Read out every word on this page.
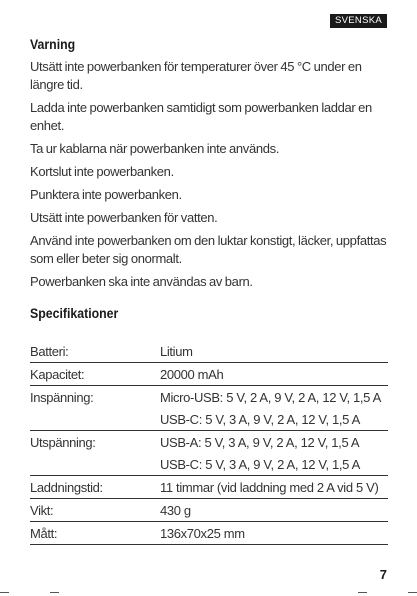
SVENSKA
Varning

Utsätt inte powerbanken för temperaturer över 45 °C under en längre tid.

Ladda inte powerbanken samtidigt som powerbanken laddar en enhet.

Ta ur kablarna när powerbanken inte används.

Kortslut inte powerbanken.

Punktera inte powerbanken.

Utsätt inte powerbanken för vatten.

Använd inte powerbanken om den luktar konstigt, läcker, uppfattas som eller beter sig onormalt.

Powerbanken ska inte användas av barn.

Specifikationer
Batteri:	Litium
Kapacitet:	20000 mAh
Inspänning:	Micro-USB: 5 V, 2 A, 9 V, 2 A, 12 V, 1,5 A
	USB-C: 5 V, 3 A, 9 V, 2 A, 12 V, 1,5 A
Utspänning:	USB-A: 5 V, 3 A, 9 V, 2 A, 12 V, 1,5 A
	USB-C: 5 V, 3 A, 9 V, 2 A, 12 V, 1,5 A
Laddningstid:	11 timmar (vid laddning med 2 A vid 5 V)
Vikt:	430 g
Mått:	136x70x25 mm
7
